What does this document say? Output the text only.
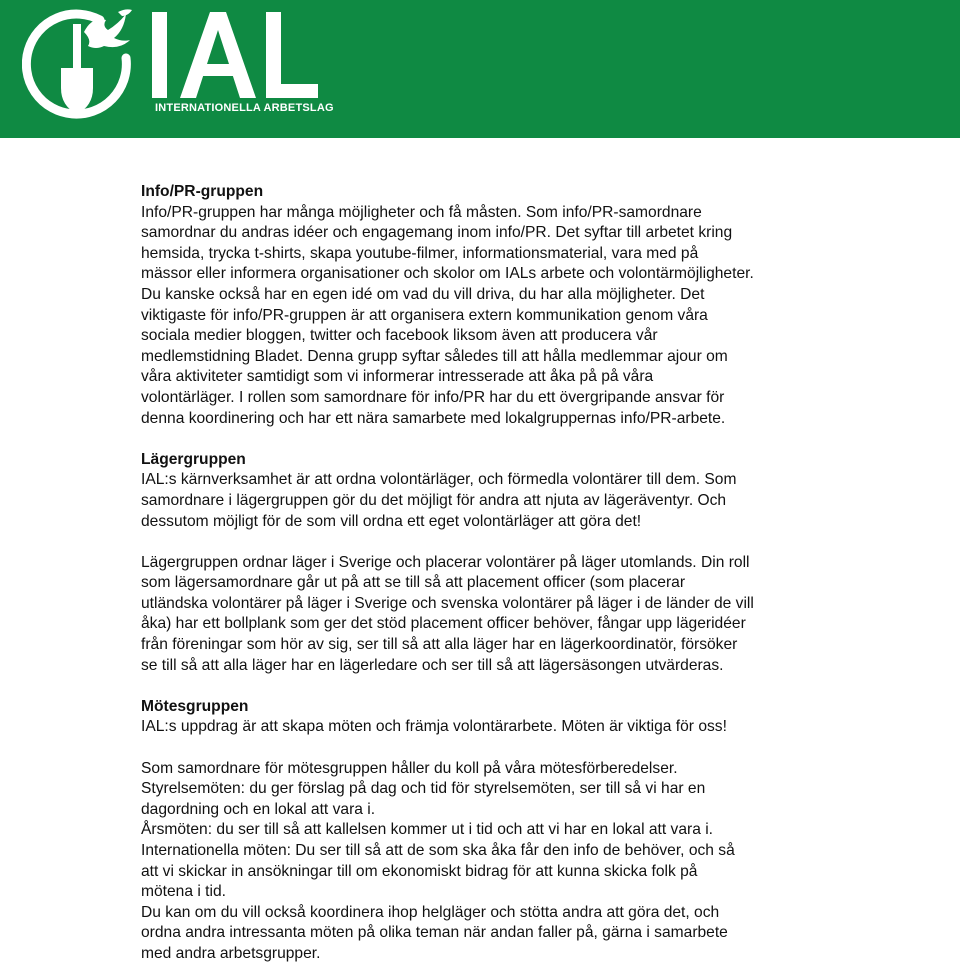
INTERNATIONELLA ARBETSLAG
Info/PR-gruppen
Info/PR-gruppen har många möjligheter och få måsten. Som info/PR-samordnare
samordnar du andras idéer och engagemang inom info/PR. Det syftar till arbetet kring
hemsida, trycka t-shirts, skapa youtube-filmer, informationsmaterial, vara med på
mässor eller informera organisationer och skolor om IALs arbete och volontärmöjligheter.
Du kanske också har en egen idé om vad du vill driva, du har alla möjligheter. Det
viktigaste för info/PR-gruppen är att organisera extern kommunikation genom våra
sociala medier bloggen, twitter och facebook liksom även att producera vår
medlemstidning Bladet. Denna grupp syftar således till att hålla medlemmar ajour om
våra aktiviteter samtidigt som vi informerar intresserade att åka på på våra
volontärläger. I rollen som samordnare för info/PR har du ett övergripande ansvar för
denna koordinering och har ett nära samarbete med lokalgruppernas info/PR-arbete.
Lägergruppen
IAL:s kärnverksamhet är att ordna volontärläger, och förmedla volontärer till dem. Som
samordnare i lägergruppen gör du det möjligt för andra att njuta av lägeräventyr. Och
dessutom möjligt för de som vill ordna ett eget volontärläger att göra det!
Lägergruppen ordnar läger i Sverige och placerar volontärer på läger utomlands. Din roll
som lägersamordnare går ut på att se till så att placement officer (som placerar
utländska volontärer på läger i Sverige och svenska volontärer på läger i de länder de vill
åka) har ett bollplank som ger det stöd placement officer behöver, fångar upp lägeridéer
från föreningar som hör av sig, ser till så att alla läger har en lägerkoordinatör, försöker
se till så att alla läger har en lägerledare och ser till så att lägersäsongen utvärderas.
Mötesgruppen
IAL:s uppdrag är att skapa möten och främja volontärarbete. Möten är viktiga för oss!
Som samordnare för mötesgruppen håller du koll på våra mötesförberedelser.
Styrelsemöten: du ger förslag på dag och tid för styrelsemöten, ser till så vi har en
dagordning och en lokal att vara i.
Årsmöten: du ser till så att kallelsen kommer ut i tid och att vi har en lokal att vara i.
Internationella möten: Du ser till så att de som ska åka får den info de behöver, och så
att vi skickar in ansökningar till om ekonomiskt bidrag för att kunna skicka folk på
mötena i tid.
Du kan om du vill också koordinera ihop helgläger och stötta andra att göra det, och
ordna andra intressanta möten på olika teman när andan faller på, gärna i samarbete
med andra arbetsgrupper.
